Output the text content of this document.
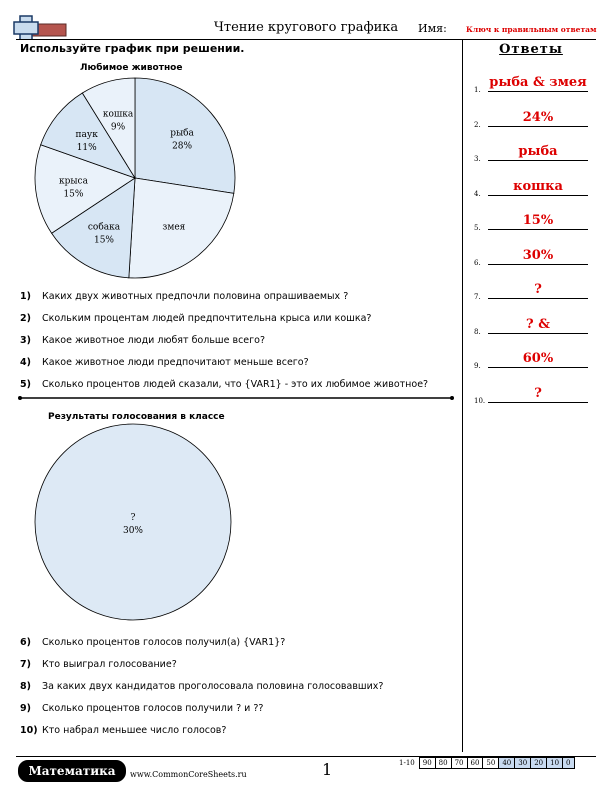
Чтение кругового графика	Имя:	Ключ к правильным ответам
Используйте график при решении.	Ответы
1. рыба & змея
2.	24%
3.	рыба
4.	кошка
5.	15%
6.	30%
7.	?
8.	? &
9.	60%
10.	?
Любимое животное
рыба
28%
змея
собака
15%
крыса
15%
паук
11%
кошка
9%
1) Каких двух животных предпочли половина опрашиваемых ?
2) Скольким процентам людей предпочтительна крыса или кошка?
3) Какое животное люди любят больше всего?
4) Какое животное люди предпочитают меньше всего?
5) Сколько процентов людей сказали, что {VAR1} - это их любимое животное?
Результаты голосования в классе
?
30%
6) Сколько процентов голосов получил(а) {VAR1}?
7) Кто выиграл голосование?
8) За каких двух кандидатов проголосовала половина голосовавших?
9) Сколько процентов голосов получили ? и ??
10) Кто набрал меньшее число голосов?
Математика	www.CommonCoreSheets.ru	1	1-10	90	80	70	60	50	40	30	20	10	0
